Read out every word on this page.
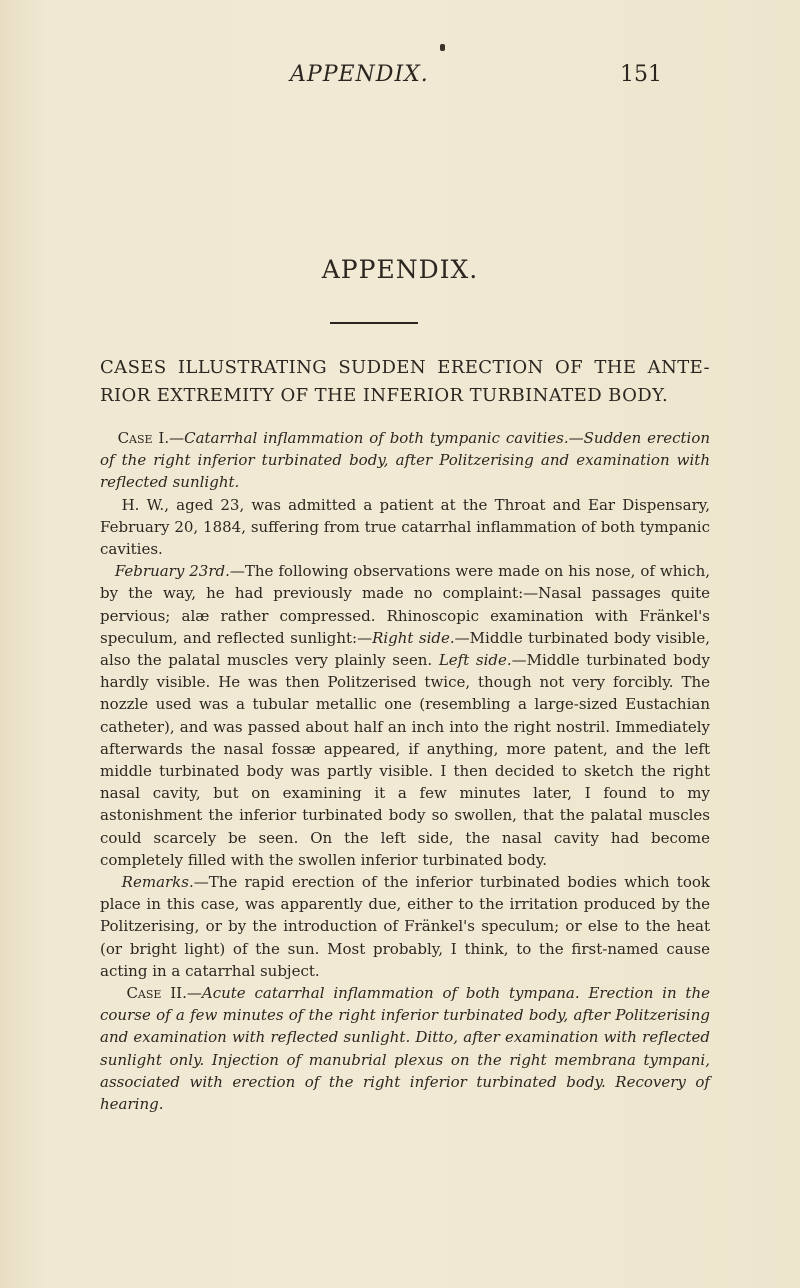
APPENDIX.	151
APPENDIX.
CASES ILLUSTRATING SUDDEN ERECTION OF THE ANTE-RIOR EXTREMITY OF THE INFERIOR TURBINATED BODY.

Case I.—Catarrhal inflammation of both tympanic cavities.—Sudden erection of the right inferior turbinated body, after Politzerising and examination with reflected sunlight.

H. W., aged 23, was admitted a patient at the Throat and Ear Dispensary, February 20, 1884, suffering from true catarrhal inflammation of both tympanic cavities.

February 23rd.—The following observations were made on his nose, of which, by the way, he had previously made no complaint:—Nasal passages quite pervious; alæ rather compressed. Rhinoscopic examination with Fränkel's speculum, and reflected sunlight:—Right side.—Middle turbinated body visible, also the palatal muscles very plainly seen. Left side.—Middle turbinated body hardly visible. He was then Politzerised twice, though not very forcibly. The nozzle used was a tubular metallic one (resembling a large-sized Eustachian catheter), and was passed about half an inch into the right nostril. Immediately afterwards the nasal fossæ appeared, if anything, more patent, and the left middle turbinated body was partly visible. I then decided to sketch the right nasal cavity, but on examining it a few minutes later, I found to my astonishment the inferior turbinated body so swollen, that the palatal muscles could scarcely be seen. On the left side, the nasal cavity had become completely filled with the swollen inferior turbinated body.

Remarks.—The rapid erection of the inferior turbinated bodies which took place in this case, was apparently due, either to the irritation produced by the Politzerising, or by the introduction of Fränkel's speculum; or else to the heat (or bright light) of the sun. Most probably, I think, to the first-named cause acting in a catarrhal subject.

Case II.—Acute catarrhal inflammation of both tympana. Erection in the course of a few minutes of the right inferior turbinated body, after Politzerising and examination with reflected sunlight. Ditto, after examination with reflected sunlight only. Injection of manubrial plexus on the right membrana tympani, associated with erection of the right inferior turbinated body. Recovery of hearing.
